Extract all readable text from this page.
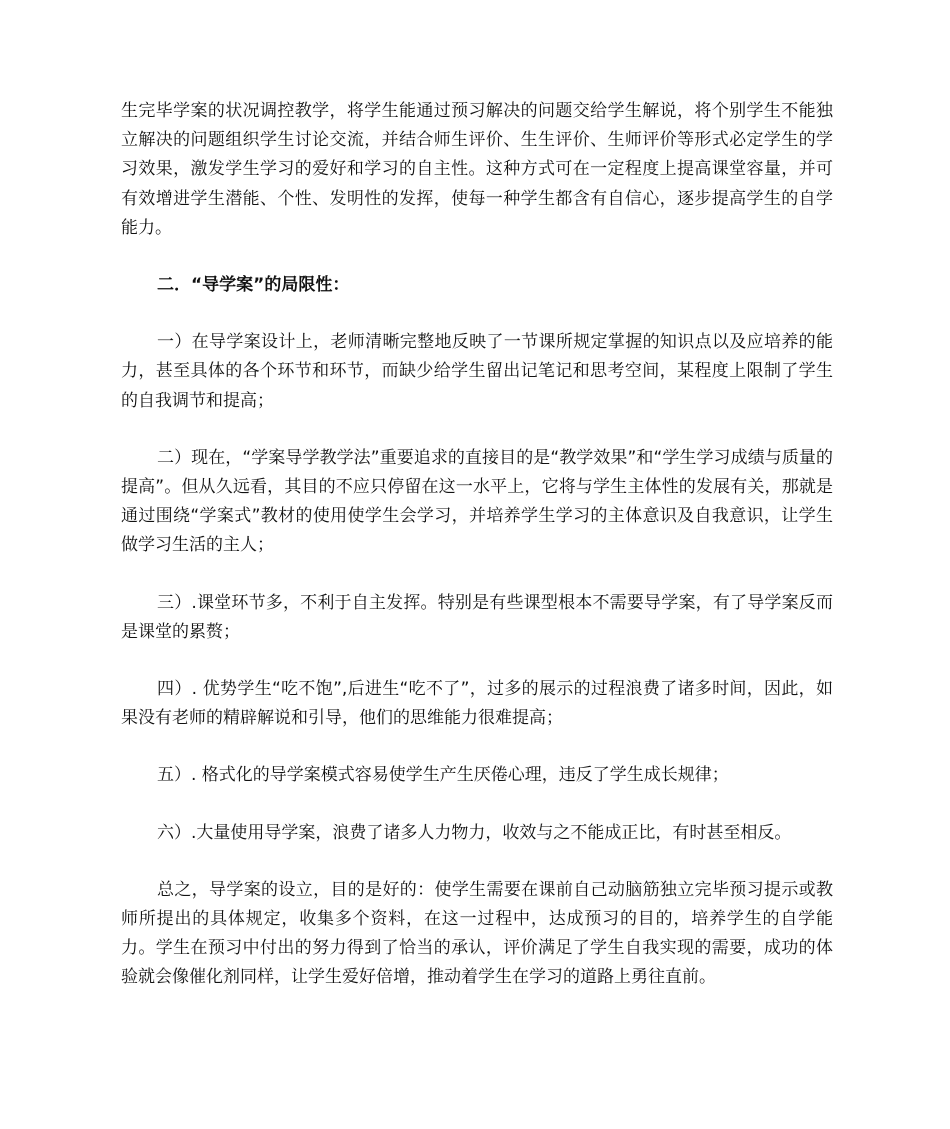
生完毕学案的状况调控教学，将学生能通过预习解决的问题交给学生解说，将个别学生不能独立解决的问题组织学生讨论交流，并结合师生评价、生生评价、生师评价等形式必定学生的学习效果，激发学生学习的爱好和学习的自主性。这种方式可在一定程度上提高课堂容量，并可有效增进学生潜能、个性、发明性的发挥，使每一种学生都含有自信心，逐步提高学生的自学能力。

二．“导学案”的局限性：

一）在导学案设计上，老师清晰完整地反映了一节课所规定掌握的知识点以及应培养的能力，甚至具体的各个环节和环节，而缺少给学生留出记笔记和思考空间，某程度上限制了学生的自我调节和提高；

二）现在，“学案导学教学法”重要追求的直接目的是“教学效果”和“学生学习成绩与质量的提高”。但从久远看，其目的不应只停留在这一水平上，它将与学生主体性的发展有关，那就是通过围绕“学案式”教材的使用使学生会学习，并培养学生学习的主体意识及自我意识，让学生做学习生活的主人；

三）.课堂环节多，不利于自主发挥。特别是有些课型根本不需要导学案，有了导学案反而是课堂的累赘；

四）. 优势学生“吃不饱”,后进生“吃不了”，过多的展示的过程浪费了诸多时间，因此，如果没有老师的精辟解说和引导，他们的思维能力很难提高；

五）. 格式化的导学案模式容易使学生产生厌倦心理，违反了学生成长规律；

六）.大量使用导学案，浪费了诸多人力物力，收效与之不能成正比，有时甚至相反。

总之，导学案的设立，目的是好的：使学生需要在课前自己动脑筋独立完毕预习提示或教师所提出的具体规定，收集多个资料，在这一过程中，达成预习的目的，培养学生的自学能力。学生在预习中付出的努力得到了恰当的承认，评价满足了学生自我实现的需要，成功的体验就会像催化剂同样，让学生爱好倍增，推动着学生在学习的道路上勇往直前。
